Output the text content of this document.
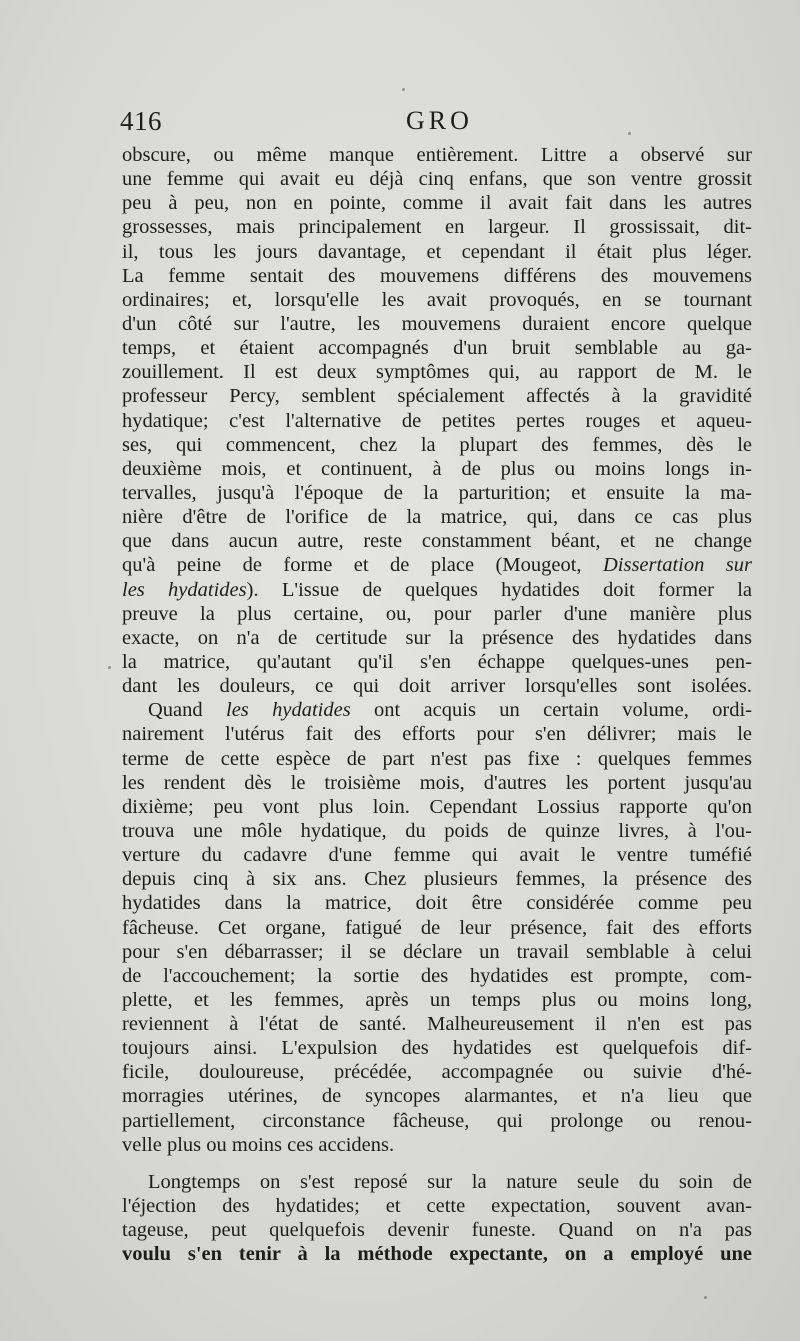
416	GRO
obscure, ou même manque entièrement. Littre a observé sur
une femme qui avait eu déjà cinq enfans, que son ventre grossit
peu à peu, non en pointe, comme il avait fait dans les autres
grossesses, mais principalement en largeur. Il grossissait, dit-
il, tous les jours davantage, et cependant il était plus léger.
La femme sentait des mouvemens différens des mouvemens
ordinaires; et, lorsqu'elle les avait provoqués, en se tournant
d'un côté sur l'autre, les mouvemens duraient encore quelque
temps, et étaient accompagnés d'un bruit semblable au ga-
zouillement. Il est deux symptômes qui, au rapport de M. le
professeur Percy, semblent spécialement affectés à la gravidité
hydatique; c'est l'alternative de petites pertes rouges et aqueu-
ses, qui commencent, chez la plupart des femmes, dès le
deuxième mois, et continuent, à de plus ou moins longs in-
tervalles, jusqu'à l'époque de la parturition; et ensuite la ma-
nière d'être de l'orifice de la matrice, qui, dans ce cas plus
que dans aucun autre, reste constamment béant, et ne change
qu'à peine de forme et de place (Mougeot, Dissertation sur
les hydatides). L'issue de quelques hydatides doit former la
preuve la plus certaine, ou, pour parler d'une manière plus
exacte, on n'a de certitude sur la présence des hydatides dans
la matrice, qu'autant qu'il s'en échappe quelques-unes pen-
dant les douleurs, ce qui doit arriver lorsqu'elles sont isolées.
Quand les hydatides ont acquis un certain volume, ordi-
nairement l'utérus fait des efforts pour s'en délivrer; mais le
terme de cette espèce de part n'est pas fixe : quelques femmes
les rendent dès le troisième mois, d'autres les portent jusqu'au
dixième; peu vont plus loin. Cependant Lossius rapporte qu'on
trouva une môle hydatique, du poids de quinze livres, à l'ou-
verture du cadavre d'une femme qui avait le ventre tuméfié
depuis cinq à six ans. Chez plusieurs femmes, la présence des
hydatides dans la matrice, doit être considérée comme peu
fâcheuse. Cet organe, fatigué de leur présence, fait des efforts
pour s'en débarrasser; il se déclare un travail semblable à celui
de l'accouchement; la sortie des hydatides est prompte, com-
plette, et les femmes, après un temps plus ou moins long,
reviennent à l'état de santé. Malheureusement il n'en est pas
toujours ainsi. L'expulsion des hydatides est quelquefois dif-
ficile, douloureuse, précédée, accompagnée ou suivie d'hé-
morragies utérines, de syncopes alarmantes, et n'a lieu que
partiellement, circonstance fâcheuse, qui prolonge ou renou-
velle plus ou moins ces accidens.
Longtemps on s'est reposé sur la nature seule du soin de
l'éjection des hydatides; et cette expectation, souvent avan-
tageuse, peut quelquefois devenir funeste. Quand on n'a pas
voulu s'en tenir à la méthode expectante, on a employé une
